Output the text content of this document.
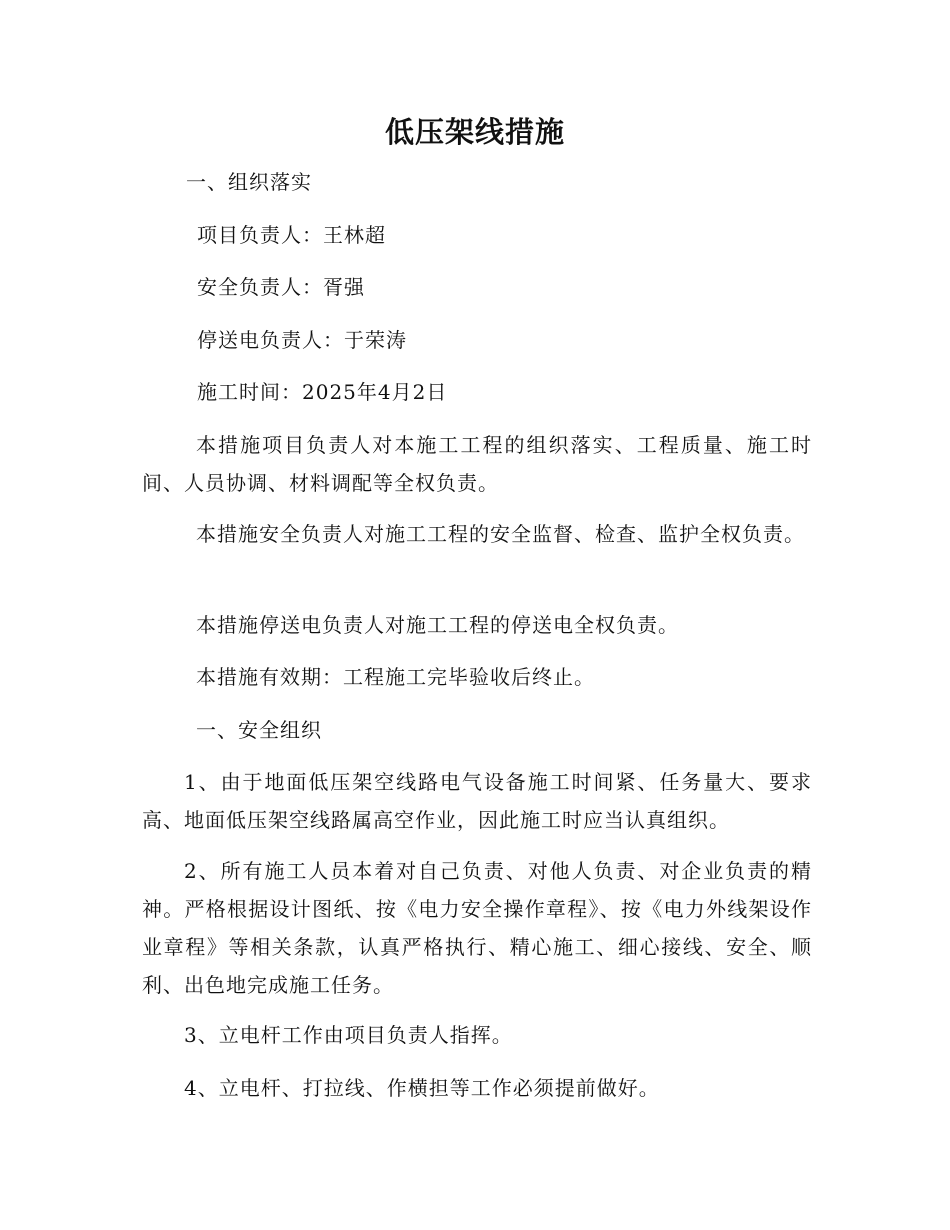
低压架线措施

一、组织落实

项目负责人：王林超

安全负责人：胥强

停送电负责人：于荣涛

施工时间：2025年4月2日

本措施项目负责人对本施工工程的组织落实、工程质量、施工时间、人员协调、材料调配等全权负责。

本措施安全负责人对施工工程的安全监督、检查、监护全权负责。

本措施停送电负责人对施工工程的停送电全权负责。

本措施有效期：工程施工完毕验收后终止。

一、安全组织

1、由于地面低压架空线路电气设备施工时间紧、任务量大、要求高、地面低压架空线路属高空作业，因此施工时应当认真组织。

2、所有施工人员本着对自己负责、对他人负责、对企业负责的精神。严格根据设计图纸、按《电力安全操作章程》、按《电力外线架设作业章程》等相关条款，认真严格执行、精心施工、细心接线、安全、顺利、出色地完成施工任务。

3、立电杆工作由项目负责人指挥。

4、立电杆、打拉线、作横担等工作必须提前做好。
